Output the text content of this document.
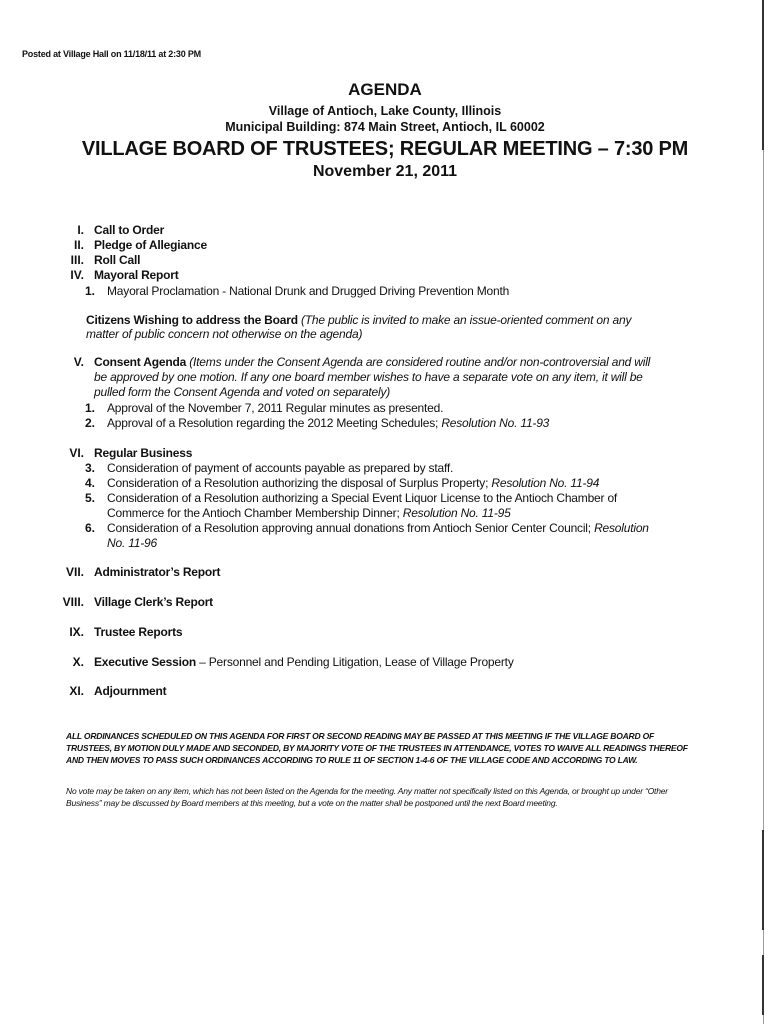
Posted at Village Hall on 11/18/11 at 2:30 PM
AGENDA
Village of Antioch, Lake County, Illinois
Municipal Building: 874 Main Street, Antioch, IL 60002
VILLAGE BOARD OF TRUSTEES; REGULAR MEETING – 7:30 PM
November 21, 2011
I. Call to Order
II. Pledge of Allegiance
III. Roll Call
IV. Mayoral Report
1. Mayoral Proclamation - National Drunk and Drugged Driving Prevention Month
Citizens Wishing to address the Board (The public is invited to make an issue-oriented comment on any
matter of public concern not otherwise on the agenda)
V. Consent Agenda (Items under the Consent Agenda are considered routine and/or non-controversial and will
be approved by one motion. If any one board member wishes to have a separate vote on any item, it will be
pulled form the Consent Agenda and voted on separately)
1. Approval of the November 7, 2011 Regular minutes as presented.
2. Approval of a Resolution regarding the 2012 Meeting Schedules; Resolution No. 11-93
VI. Regular Business
3. Consideration of payment of accounts payable as prepared by staff.
4. Consideration of a Resolution authorizing the disposal of Surplus Property; Resolution No. 11-94
5. Consideration of a Resolution authorizing a Special Event Liquor License to the Antioch Chamber of
Commerce for the Antioch Chamber Membership Dinner; Resolution No. 11-95
6. Consideration of a Resolution approving annual donations from Antioch Senior Center Council; Resolution
No. 11-96
VII. Administrator’s Report
VIII. Village Clerk’s Report
IX. Trustee Reports
X. Executive Session – Personnel and Pending Litigation, Lease of Village Property
XI. Adjournment
ALL ORDINANCES SCHEDULED ON THIS AGENDA FOR FIRST OR SECOND READING MAY BE PASSED AT THIS MEETING IF THE VILLAGE BOARD OF TRUSTEES, BY MOTION DULY MADE AND SECONDED, BY MAJORITY VOTE OF THE TRUSTEES IN ATTENDANCE, VOTES TO WAIVE ALL READINGS THEREOF AND THEN MOVES TO PASS SUCH ORDINANCES ACCORDING TO RULE 11 OF SECTION 1-4-6 OF THE VILLAGE CODE AND ACCORDING TO LAW.
No vote may be taken on any item, which has not been listed on the Agenda for the meeting. Any matter not specifically listed on this Agenda, or brought up under “Other Business” may be discussed by Board members at this meeting, but a vote on the matter shall be postponed until the next Board meeting.
